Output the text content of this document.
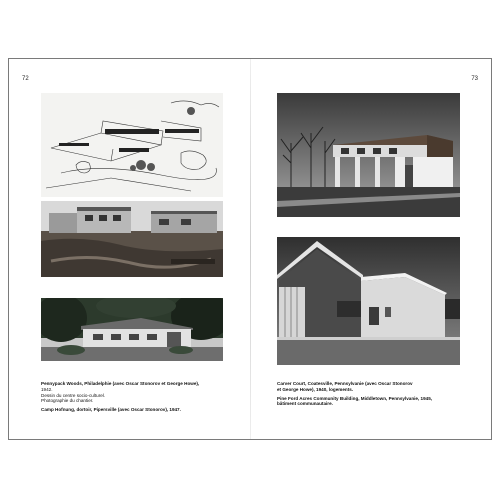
72	73
Pennypack Woods, Philadelphie (avec Oscar Stonorov et George Howe),
1942.
Dessin du centre socio-culturel.
Photographie du chantier.
Camp Hofnung, dortoir, Pipersville (avec Oscar Stonorov), 1947.
Carver Court, Coatesville, Pennsylvanie (avec Oscar Stonorov
et George Howe), 1940, logements.
Pine Ford Acres Community Building, Middletown, Pennsylvanie, 1945,
bâtiment communautaire.
